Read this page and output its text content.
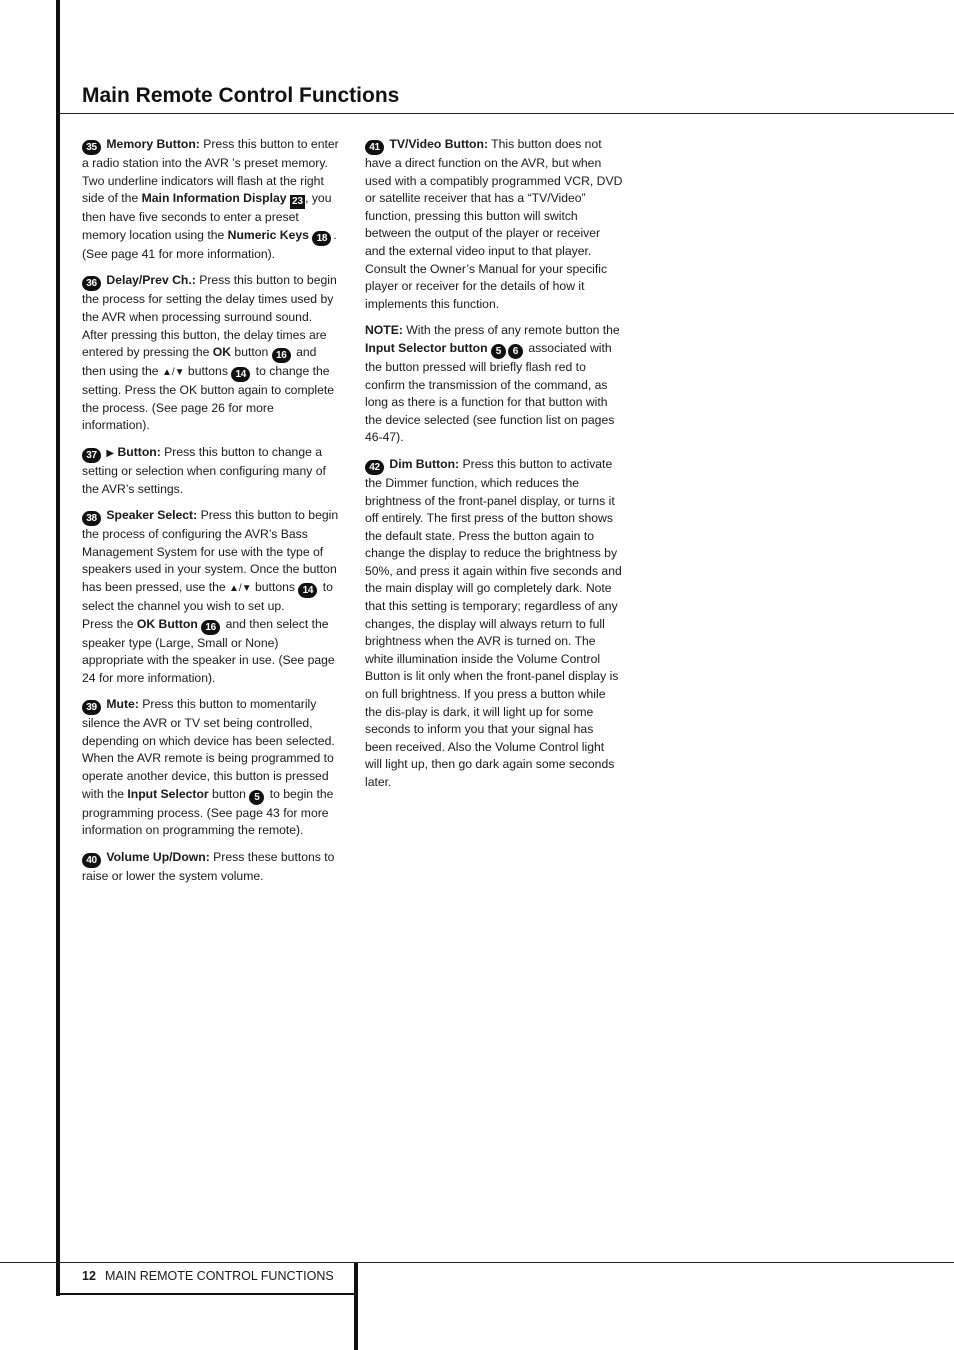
Main Remote Control Functions

35 Memory Button: Press this button to enter a radio station into the AVR ’s preset memory. Two underline indicators will flash at the right side of the Main Information Display 23 , you then have five seconds to enter a preset memory location using the Numeric Keys 18 . (See page 41 for more information).

36 Delay/Prev Ch.: Press this button to begin the process for setting the delay times used by the AVR when processing surround sound. After pressing this button, the delay times are entered by pressing the OK button 16 and then using the ▲/▼ buttons 14 to change the setting. Press the OK button again to complete the process. (See page 26 for more information).

37 ▶ Button: Press this button to change a setting or selection when configuring many of the AVR’s settings.

38 Speaker Select: Press this button to begin the process of configuring the AVR’s Bass Management System for use with the type of speakers used in your system. Once the button has been pressed, use the ▲/▼ buttons 14 to select the channel you wish to set up.
Press the OK Button 16 and then select the speaker type (Large, Small or None) appropriate with the speaker in use. (See page 24 for more information).

39 Mute: Press this button to momentarily silence the AVR or TV set being controlled, depending on which device has been selected. When the AVR remote is being programmed to operate another device, this button is pressed with the Input Selector button 5 to begin the programming process. (See page 43 for more information on programming the remote).

40 Volume Up/Down: Press these buttons to raise or lower the system volume.

41 TV/Video Button: This button does not have a direct function on the AVR, but when used with a compatibly programmed VCR, DVD or satellite receiver that has a “TV/Video” function, pressing this button will switch between the output of the player or receiver and the external video input to that player. Consult the Owner’s Manual for your specific player or receiver for the details of how it implements this function.

NOTE: With the press of any remote button the Input Selector button 5 6 associated with the button pressed will briefly flash red to confirm the transmission of the command, as long as there is a function for that button with the device selected (see function list on pages 46-47).

42 Dim Button: Press this button to activate the Dimmer function, which reduces the brightness of the front-panel display, or turns it off entirely. The first press of the button shows the default state. Press the button again to change the display to reduce the brightness by 50%, and press it again within five seconds and the main display will go completely dark. Note that this setting is temporary; regardless of any changes, the display will always return to full brightness when the AVR is turned on. The white illumination inside the Volume Control Button is lit only when the front-panel display is on full brightness. If you press a button while the dis-play is dark, it will light up for some seconds to inform you that your signal has been received. Also the Volume Control light will light up, then go dark again some seconds later.

12 MAIN REMOTE CONTROL FUNCTIONS
